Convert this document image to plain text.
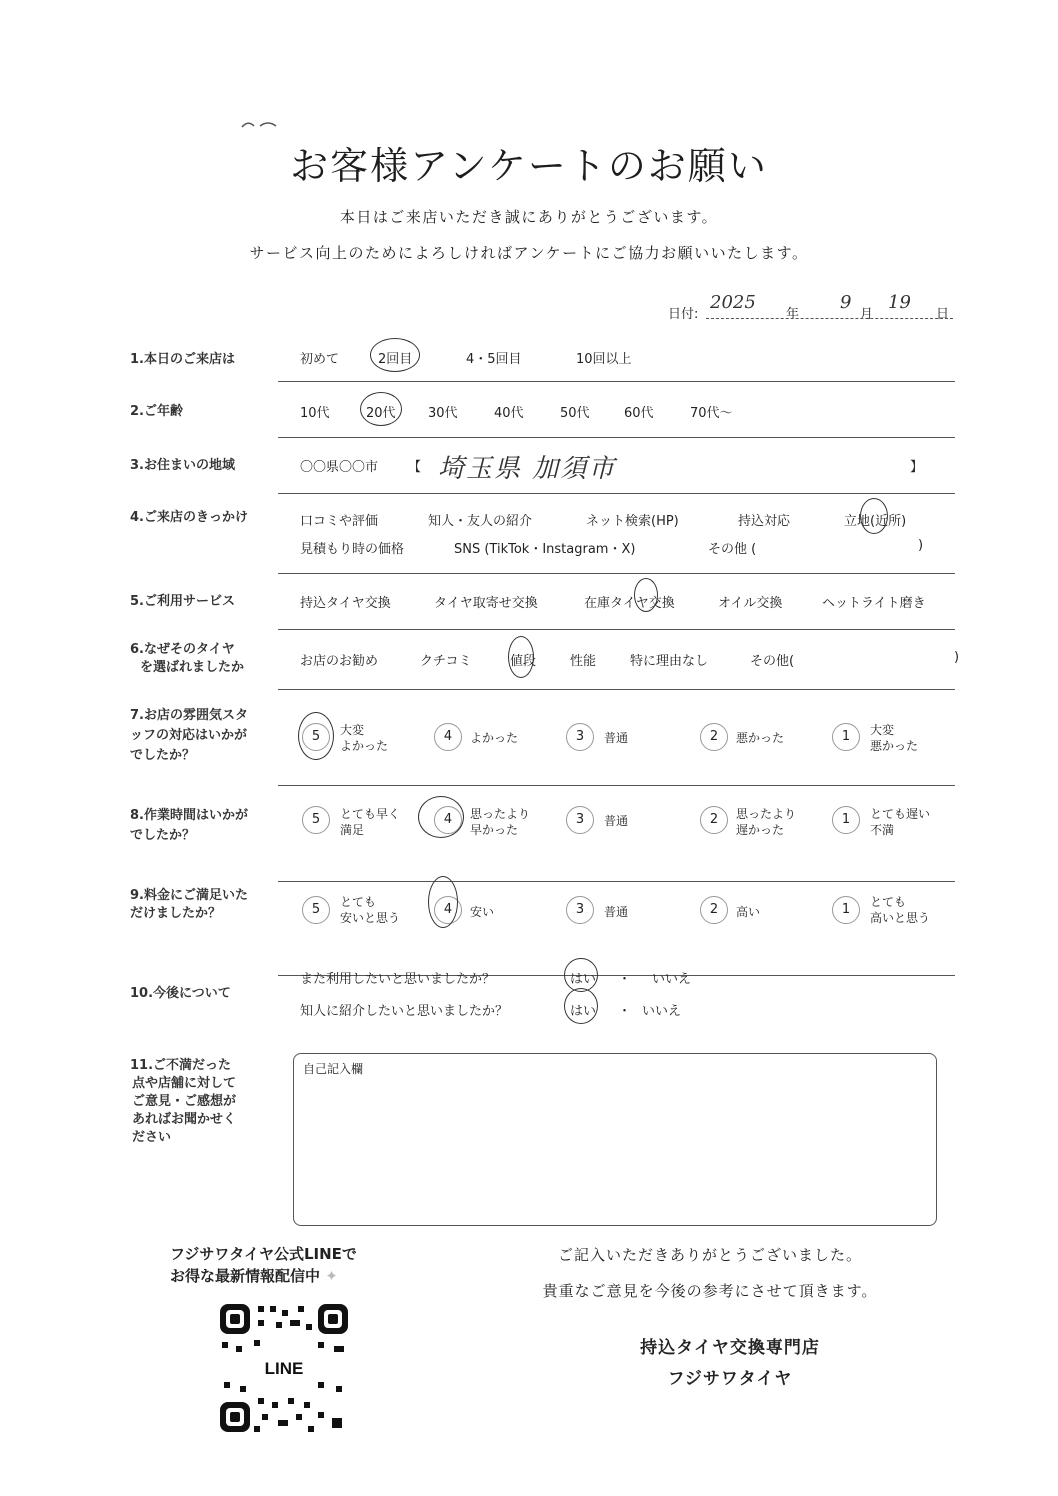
お客様アンケートのお願い
本日はご来店いただき誠にありがとうございます。
サービス向上のためによろしければアンケートにご協力お願いいたします。
日付:
2025
年
9
月
19
日
1.本日のご来店は	初めて	2回目	4・5回目	10回以上
2.ご年齢	10代	20代 30代	40代	50代	60代	70代～
3.お住まいの地域	〇〇県〇〇市 【 埼玉県 加須市	】
4.ご来店のきっかけ	口コミや評価	知人・友人の紹介	ネット検索(HP)	持込対応	立地(近所)
見積もり時の価格	SNS (TikTok・Instagram・X)	その他 (	)
5.ご利用サービス	持込タイヤ交換	タイヤ取寄せ交換	在庫タイヤ交換	オイル交換	ヘットライト磨き
6.なぜそのタイヤ
を選ばれましたか	お店のお勧め	クチコミ	値段	性能	特に理由なし	その他(	)
7.お店の雰囲気スタ
ッフの対応はいかが
でしたか？
5	大変
よかった
4	よかった	3	普通	2	悪かった	1	大変
悪かった
8.作業時間はいかが
でしたか？
5	とても早く
満足
4	思ったより
早かった
3	普通	2	思ったより
遅かった
1	とても遅い
不満
9.料金にご満足いた
だけましたか？	5	とても
安いと思う
4	安い	3	普通	2	高い	1	とても
高いと思う
10.今後について
また利用したいと思いましたか？	はい ・ いいえ
知人に紹介したいと思いましたか？	はい ・ いいえ
11.ご不満だった
点や店舗に対して
ご意見・ご感想が
あればお聞かせく
ださい
自己記入欄
フジサワタイヤ公式LINEで
お得な最新情報配信中 ✦
LINE
ご記入いただきありがとうございました。
貴重なご意見を今後の参考にさせて頂きます。
持込タイヤ交換専門店
フジサワタイヤ
